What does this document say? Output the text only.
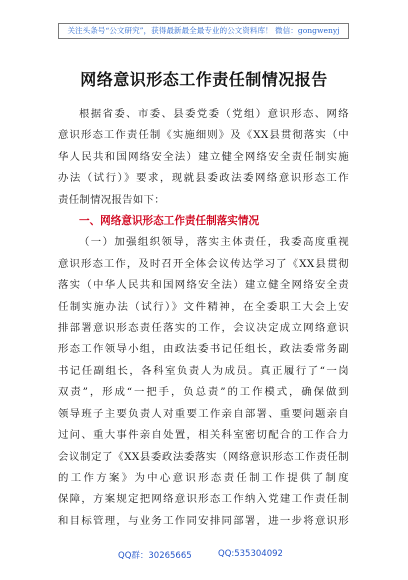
关注头条号“公文研究”，获得最新最全最专业的公文资料库！ 微信：gongwenyj
网络意识形态工作责任制情况报告
根据省委、市委、县委党委（党组）意识形态、网络
意识形态工作责任制《实施细则》及《XX县贯彻落实（中
华人民共和国网络安全法）建立健全网络安全责任制实施
办法（试行）》要求，现就县委政法委网络意识形态工作
责任制情况报告如下：
一、网络意识形态工作责任制落实情况
（一）加强组织领导，落实主体责任，我委高度重视
意识形态工作，及时召开全体会议传达学习了《XX县贯彻
落实（中华人民共和国网络安全法）建立健全网络安全责
任制实施办法（试行）》文件精神，在全委职工大会上安
排部署意识形态责任落实的工作，会议决定成立网络意识
形态工作领导小组，由政法委书记任组长，政法委常务副
书记任副组长，各科室负责人为成员。真正履行了“一岗
双责”，形成“一把手，负总责”的工作模式，确保做到
领导班子主要负责人对重要工作亲自部署、重要问题亲自
过问、重大事件亲自处置，相关科室密切配合的工作合力
会议制定了《XX县委政法委落实（网络意识形态工作责任制
的工作方案》为中心意识形态责任制工作提供了制度
保障，方案规定把网络意识形态工作纳入党建工作责任制
和目标管理，与业务工作同安排同部署，进一步将意识形
QQ群：30265665	QQ:535304092
